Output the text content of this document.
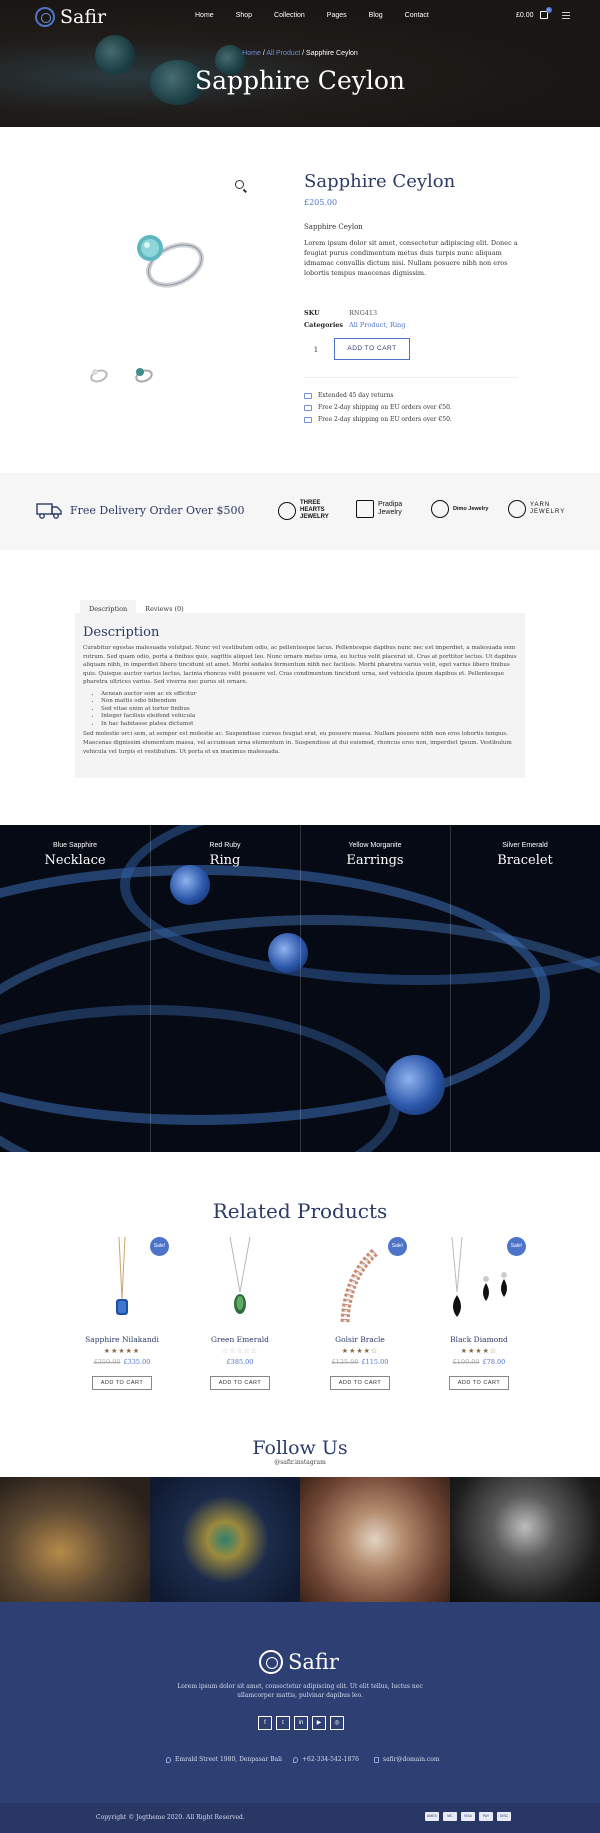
Safir	Home	Shop	Collection	Pages	Blog	Contact	£0.00
0
Home / All Product / Sapphire Ceylon
Sapphire Ceylon
Sapphire Ceylon
£205.00
Sapphire Ceylon
Lorem ipsum dolor sit amet, consectetur adipiscing elit. Donec a feugiat purus condimentum metus duis turpis nunc aliquam idmamac convallis dictum nisi. Nullam posuere nibh non eros lobortis tempus maecenas dignissim.
SKU	RNG413
Categories All Product, Ring
1	ADD TO CART
Extended 45 day returns
Free 2-day shipping on EU orders over €50.
Free 2-day shipping on EU orders over €50.
Free Delivery Order Over $500
THREE
HEARTS
JEWELRY
Pradipa
Jewelry
Dimo Jewelry
YARN
JEWELRY
Description	Reviews (0)
Description

Curabitur egestas malesuada volutpat. Nunc vel vestibulum odio, ac pellentesque lacus. Pellentesque dapibus nunc nec est imperdiet, a malesuada sem rutrum. Sed quam odio, porta a finibus quis, sagittis aliquet leo. Nunc ornare metus urna, eu luctus velit placerat ut. Cras at porttitor lectus. Ut dapibus aliquam nibh, in imperdiet libero tincidunt sit amet. Morbi sodales fermentum nibh nec facilisis. Morbi pharetra varius velit, eget varius libero finibus quis. Quisque auctor varius lectus, lacinia rhoncus velit posuere vel. Cras condimentum tincidunt urna, sed vehicula ipsum dapibus et. Pellentesque pharetra ultrices varius. Sed viverra nec purus sit ornare.

• Aenean auctor sem ac ex efficitur
• Non mattis odio bibendum
• Sed vitae enim at tortor finibus
• Integer facilisis eleifend vehicula
• In hac habitasse platea dictumst

Sed molestie orci sem, at semper est molestie ac. Suspendisse cursus feugiat erat, eu posuere massa. Nullam posuere nibh non eros lobortis tempus. Maecenas dignissim elementum massa, vel accumsan urna elementum in. Suspendisse at dui euismod, rhoncus eros non, imperdiet ipsum. Vestibulum vehicula vel turpis et vestibulum. Ut porta et ex maximus malesuada.

Blue Sapphire
Necklace
Red Ruby
Ring
Yellow Morganite
Earrings
Silver Emerald
Bracelet
Related Products
Sale!
Sapphire Nilakandi
★★★★★
£350.00 £335.00
ADD TO CART
Green Emerald
☆☆☆☆☆
£385.00
ADD TO CART
Sale!
Golsir Bracle
★★★★☆
£125.00 £115.00
ADD TO CART
Sale!
Black Diamond
★★★★☆
£100.00 £78.00
ADD TO CART
Follow Us
@safir.instagram
Safir
Lorem ipsum dolor sit amet, consectetur adipiscing elit. Ut elit tellus, luctus nec ullamcorper mattis, pulvinar dapibus leo.
f	t	in	▶	◎
Emrald Street 1980, Denpasar Bali	+62-334-542-1876	safir@domain.com
Copyright © Jegtheme 2020. All Right Reserved.	AMEX	MC	VISA	PAY	DISC
